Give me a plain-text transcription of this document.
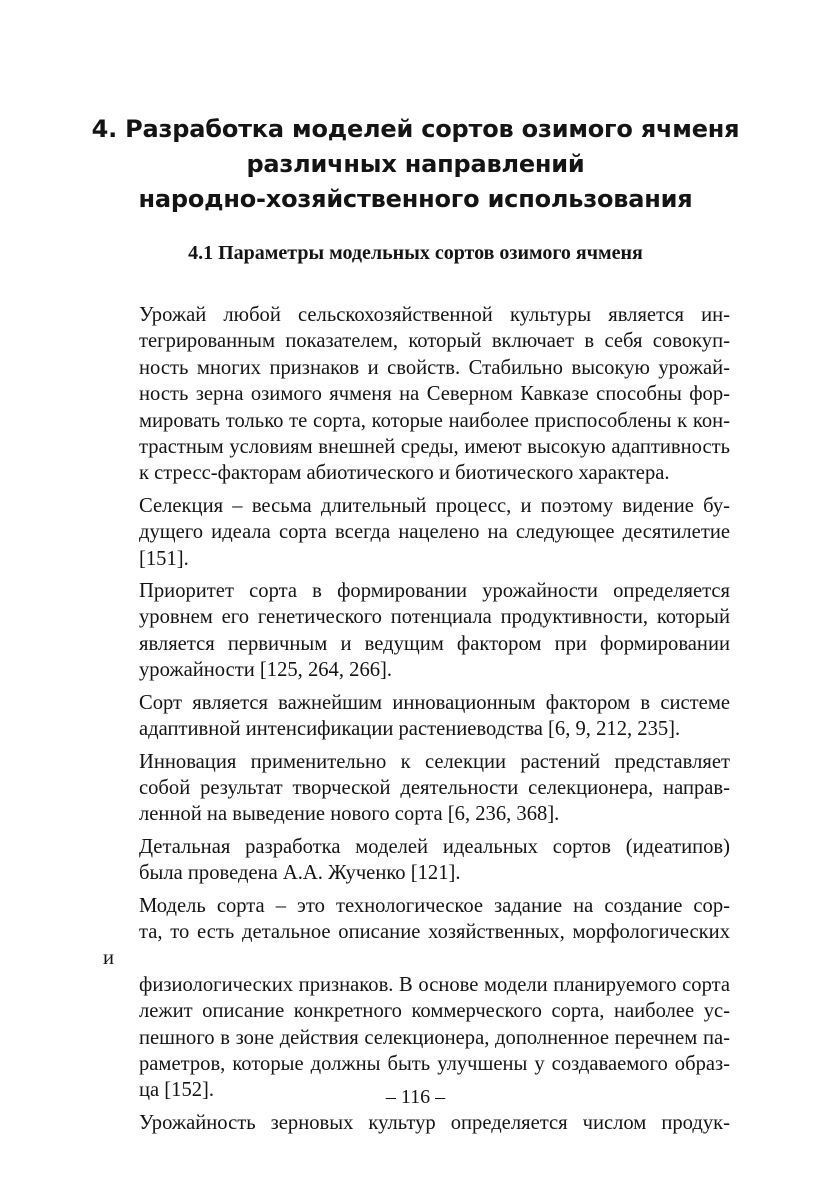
4. Разработка моделей сортов озимого ячменя
различных направлений
народно-хозяйственного использования
4.1 Параметры модельных сортов озимого ячменя

Урожай любой сельскохозяйственной культуры является ин-
тегрированным показателем, который включает в себя совокуп-
ность многих признаков и свойств. Стабильно высокую урожай-
ность зерна озимого ячменя на Северном Кавказе способны фор-
мировать только те сорта, которые наиболее приспособлены к кон-
трастным условиям внешней среды, имеют высокую адаптивность
к стресс-факторам абиотического и биотического характера.

Селекция – весьма длительный процесс, и поэтому видение бу-
дущего идеала сорта всегда нацелено на следующее десятилетие
[151].

Приоритет сорта в формировании урожайности определяется
уровнем его генетического потенциала продуктивности, который
является первичным и ведущим фактором при формировании
урожайности [125, 264, 266].

Сорт является важнейшим инновационным фактором в системе
адаптивной интенсификации растениеводства [6, 9, 212, 235].

Инновация применительно к селекции растений представляет
собой результат творческой деятельности селекционера, направ-
ленной на выведение нового сорта [6, 236, 368].

Детальная разработка моделей идеальных сортов (идеатипов)
была проведена А.А. Жученко [121].

Модель сорта – это технологическое задание на создание сор-
та, то есть детальное описание хозяйственных, морфологических и
физиологических признаков. В основе модели планируемого сорта
лежит описание конкретного коммерческого сорта, наиболее ус-
пешного в зоне действия селекционера, дополненное перечнем па-
раметров, которые должны быть улучшены у создаваемого образ-
ца [152].

Урожайность зерновых культур определяется числом продук-

– 116 –
